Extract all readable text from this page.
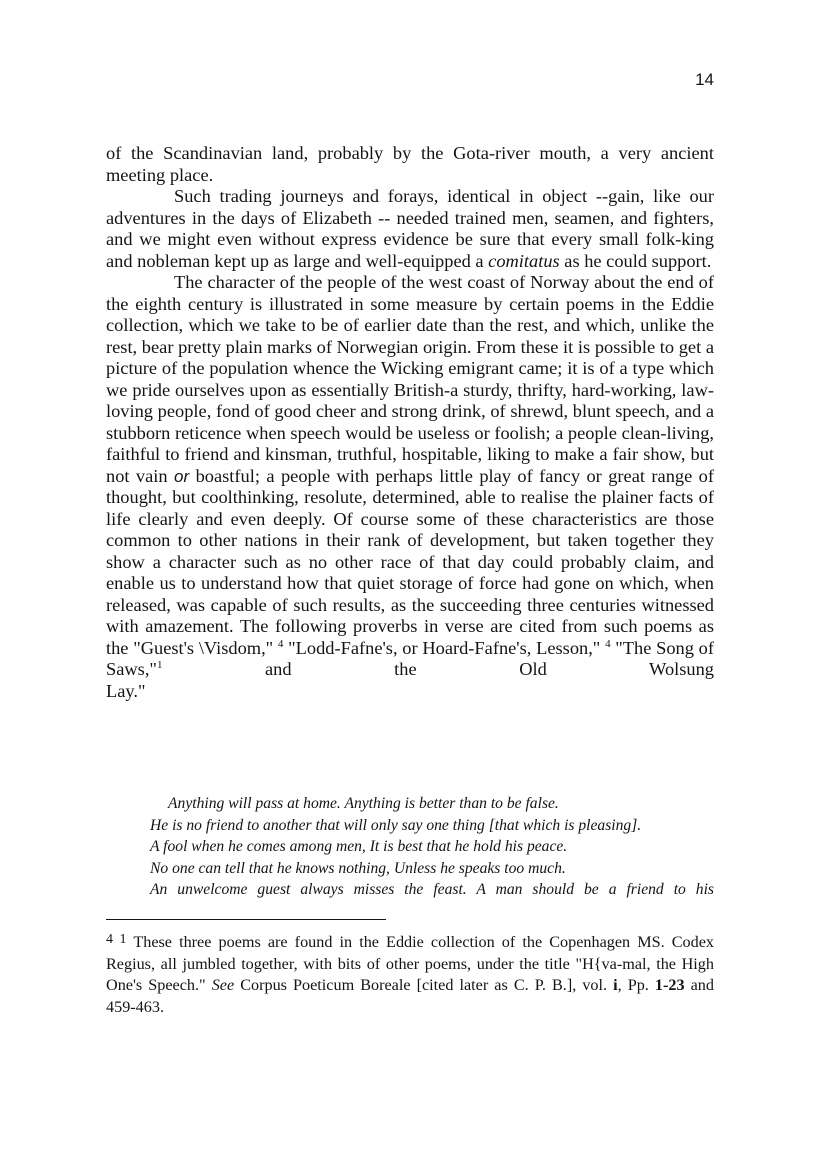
14

of the Scandinavian land, probably by the Gota-river mouth, a very ancient meeting place.

Such trading journeys and forays, identical in object --gain, like our adventures in the days of Elizabeth -- needed trained men, seamen, and fighters, and we might even without express evidence be sure that every small folk-king and nobleman kept up as large and well-equipped a comitatus as he could support.

The character of the people of the west coast of Norway about the end of the eighth century is illustrated in some measure by certain poems in the Eddie collection, which we take to be of earlier date than the rest, and which, unlike the rest, bear pretty plain marks of Norwegian origin. From these it is possible to get a picture of the population whence the Wicking emigrant came; it is of a type which we pride ourselves upon as essentially British-a sturdy, thrifty, hard-working, law-loving people, fond of good cheer and strong drink, of shrewd, blunt speech, and a stubborn reticence when speech would be useless or foolish; a people clean-living, faithful to friend and kinsman, truthful, hospitable, liking to make a fair show, but not vain or boastful; a people with perhaps little play of fancy or great range of thought, but coolthinking, resolute, determined, able to realise the plainer facts of life clearly and even deeply. Of course some of these characteristics are those common to other nations in their rank of development, but taken together they show a character such as no other race of that day could probably claim, and enable us to understand how that quiet storage of force had gone on which, when released, was capable of such results, as the succeeding three centuries witnessed with amazement. The following proverbs in verse are cited from such poems as the "Guest's \Visdom," $^4$ "Lodd-Fafne's, or Hoard-Fafne's, Lesson," $^4$ "The Song of Saws,"$^1$ and the Old Wolsung

Lay."

Anything will pass at home. Anything is better than to be false.
He is no friend to another that will only say one thing [that which is pleasing].
A fool when he comes among men, It is best that he hold his peace.
No one can tell that he knows nothing, Unless he speaks too much.
An unwelcome guest always misses the feast. A man should be a friend to his

4 1 These three poems are found in the Eddie collection of the Copenhagen MS. Codex Regius, all jumbled together, with bits of other poems, under the title "H{va-mal, the High One's Speech." See Corpus Poeticum Boreale [cited later as C. P. B.], vol. i, Pp. 1-23 and 459-463.
